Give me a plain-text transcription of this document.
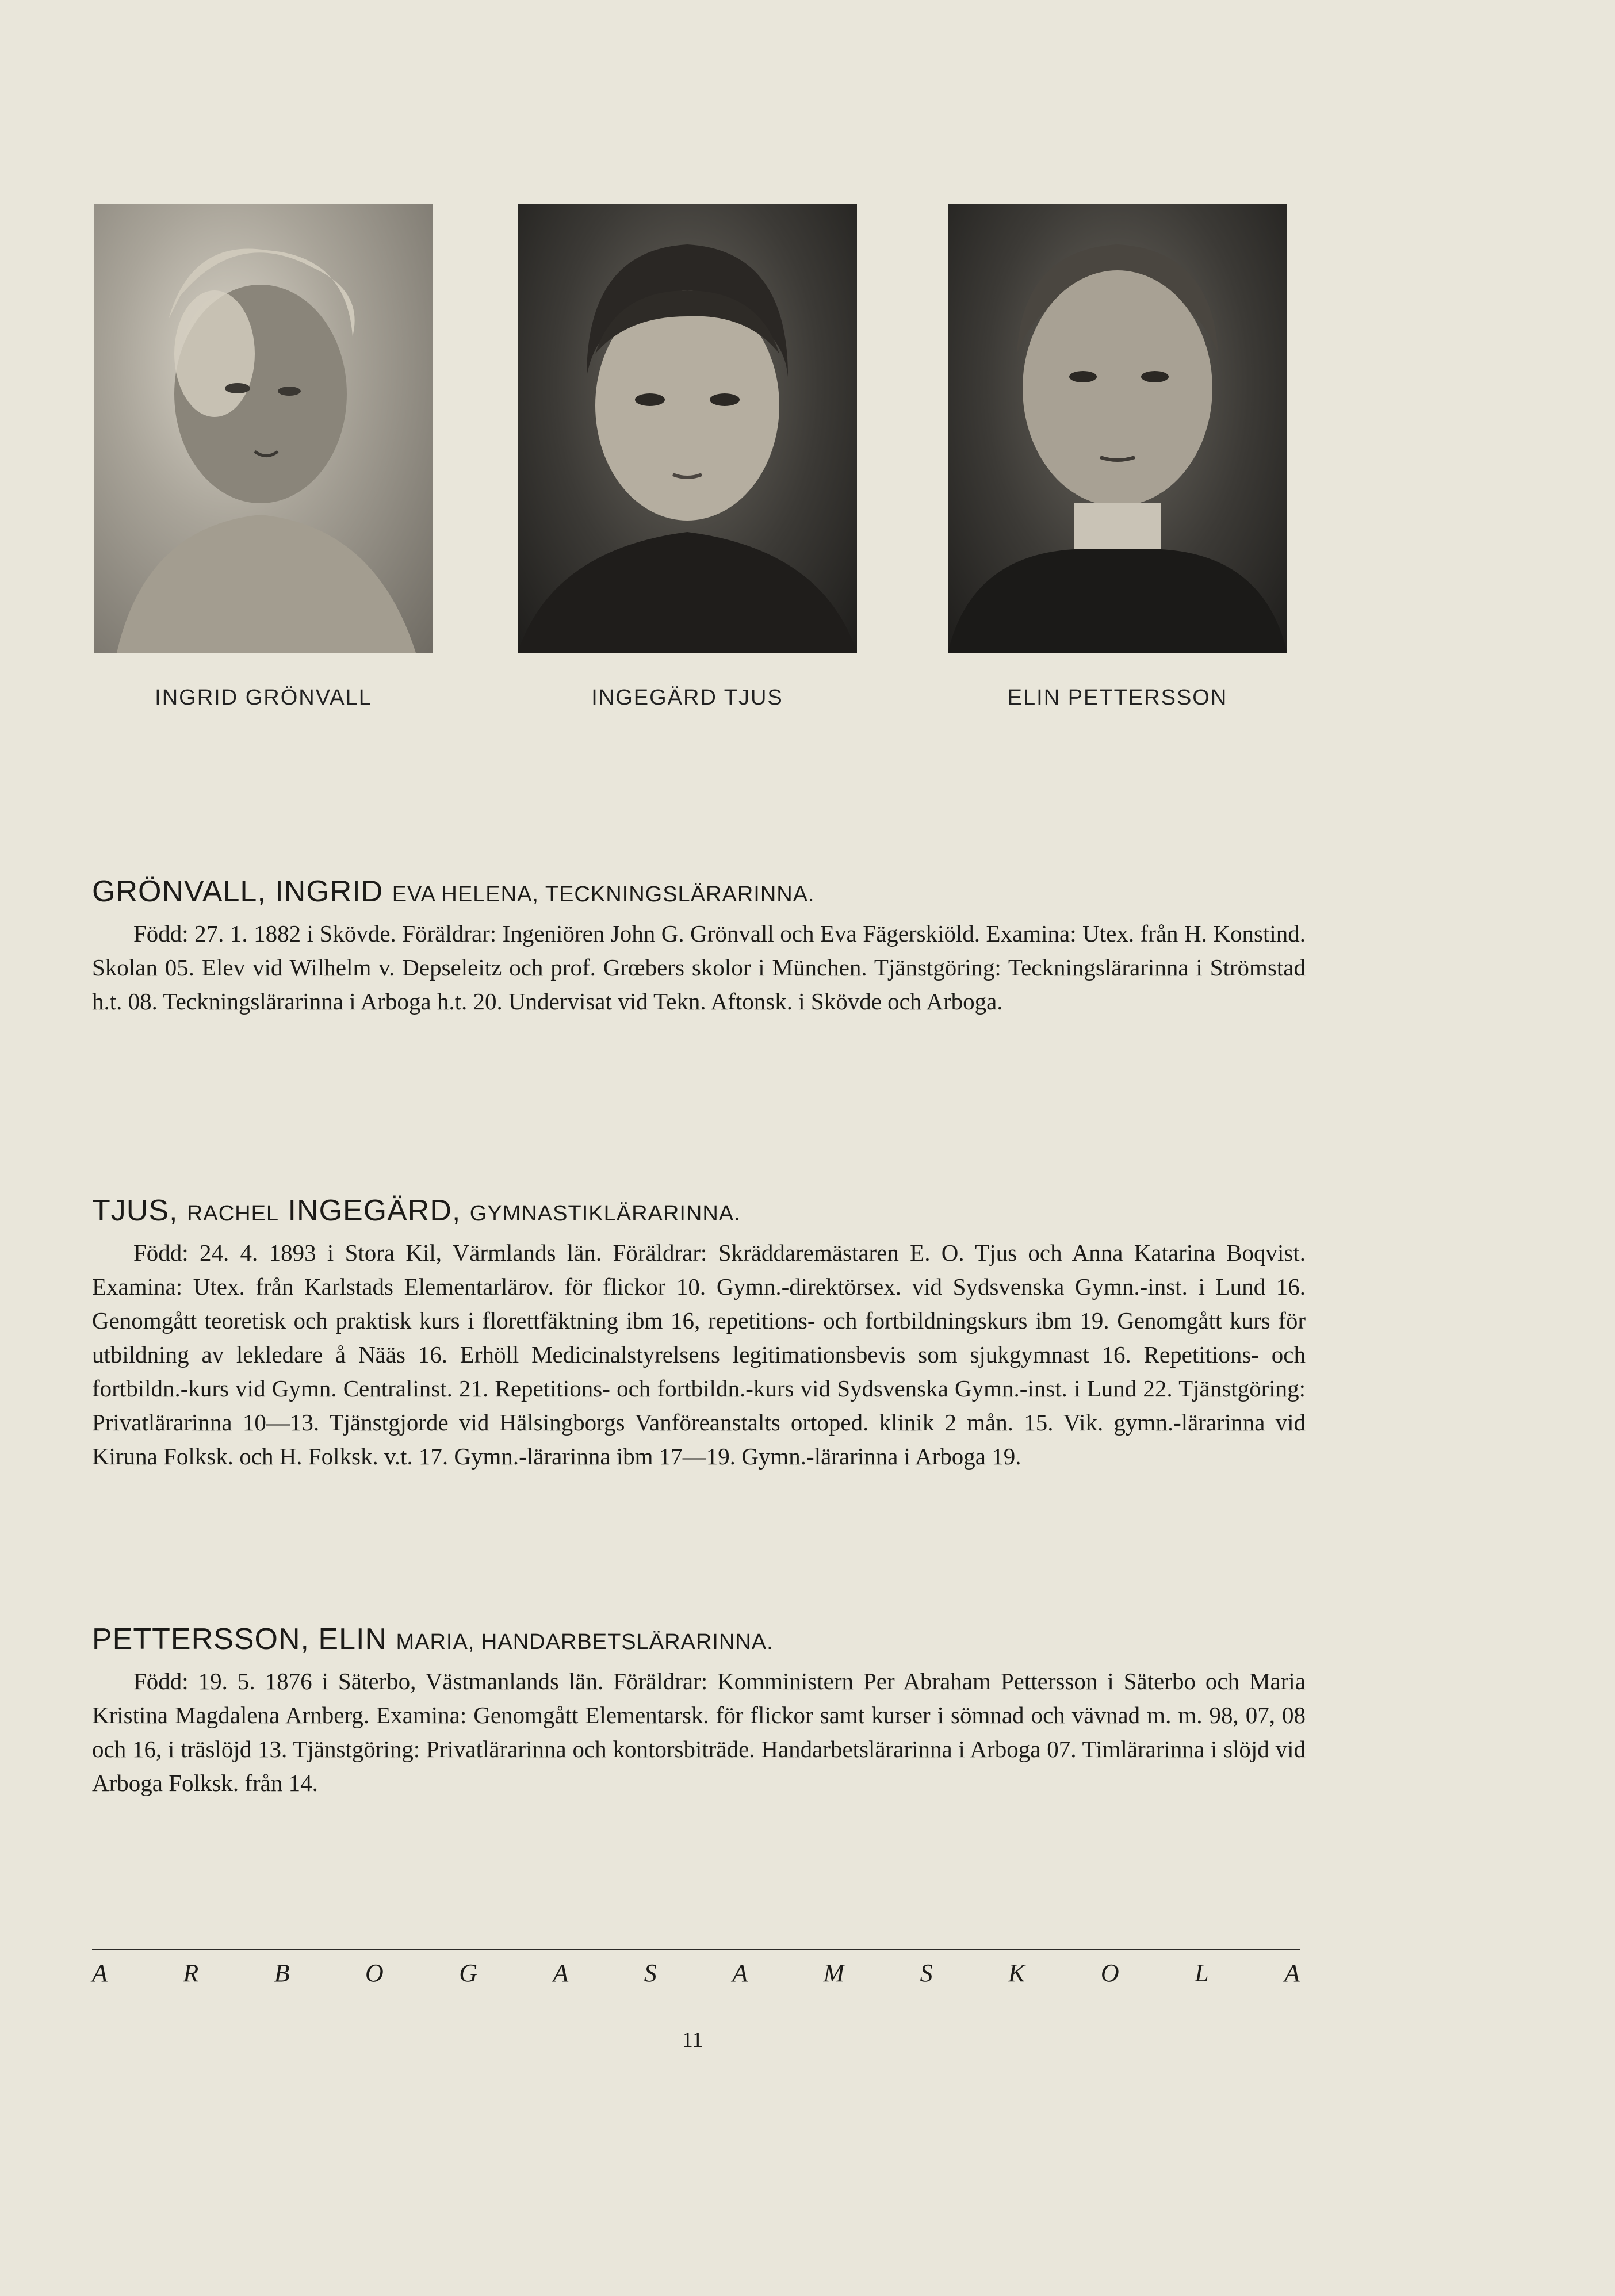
INGRID GRÖNVALL	INGEGÄRD TJUS	ELIN PETTERSSON
GRÖNVALL, INGRID EVA HELENA, TECKNINGSLÄRARINNA.

Född: 27. 1. 1882 i Skövde. Föräldrar: Ingeniören John G. Grönvall och Eva Fägerskiöld. Examina: Utex. från H. Konstind. Skolan 05. Elev vid Wilhelm v. Depseleitz och prof. Grœbers skolor i München. Tjänstgöring: Teckningslärarinna i Strömstad h.t. 08. Teckningslärarinna i Arboga h.t. 20. Undervisat vid Tekn. Aftonsk. i Skövde och Arboga.

TJUS, RACHEL INGEGÄRD, GYMNASTIKLÄRARINNA.

Född: 24. 4. 1893 i Stora Kil, Värmlands län. Föräldrar: Skräddaremästaren E. O. Tjus och Anna Katarina Boqvist. Examina: Utex. från Karlstads Elementarlärov. för flickor 10. Gymn.-direktörsex. vid Sydsvenska Gymn.-inst. i Lund 16. Genomgått teoretisk och praktisk kurs i florettfäktning ibm 16, repetitions- och fortbildningskurs ibm 19. Genomgått kurs för utbildning av lekledare å Nääs 16. Erhöll Medicinalstyrelsens legitimationsbevis som sjukgymnast 16. Repetitions- och fortbildn.-kurs vid Gymn. Centralinst. 21. Repetitions- och fortbildn.-kurs vid Sydsvenska Gymn.-inst. i Lund 22. Tjänstgöring: Privatlärarinna 10—13. Tjänstgjorde vid Hälsingborgs Vanföreanstalts ortoped. klinik 2 mån. 15. Vik. gymn.-lärarinna vid Kiruna Folksk. och H. Folksk. v.t. 17. Gymn.-lärarinna ibm 17—19. Gymn.-lärarinna i Arboga 19.

PETTERSSON, ELIN MARIA, HANDARBETSLÄRARINNA.

Född: 19. 5. 1876 i Säterbo, Västmanlands län. Föräldrar: Komministern Per Abraham Pettersson i Säterbo och Maria Kristina Magdalena Arnberg. Examina: Genomgått Elementarsk. för flickor samt kurser i sömnad och vävnad m. m. 98, 07, 08 och 16, i träslöjd 13. Tjänstgöring: Privatlärarinna och kontorsbiträde. Handarbetslärarinna i Arboga 07. Timlärarinna i slöjd vid Arboga Folksk. från 14.

A	R	B	O	G	A	S	A	M	S	K	O	L	A
11
